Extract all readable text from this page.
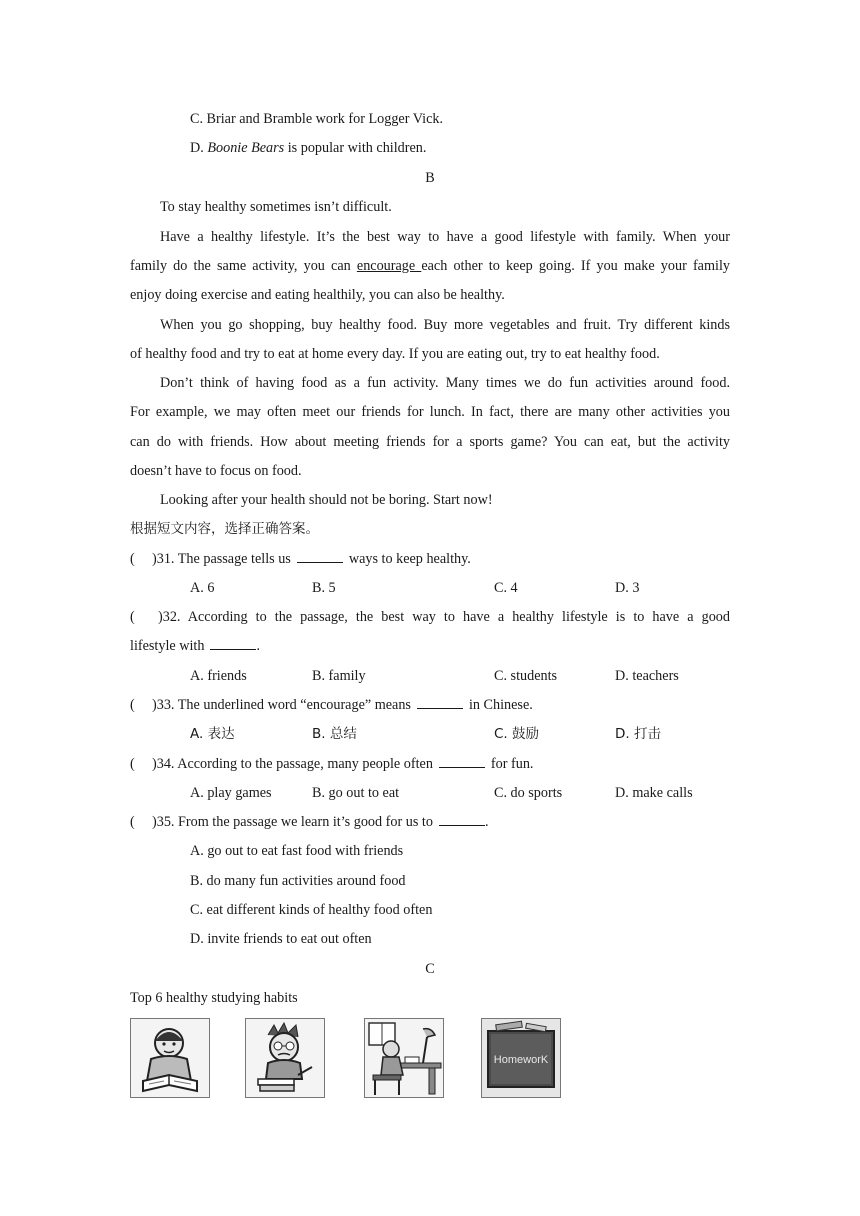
C. Briar and Bramble work for Logger Vick.
D. Boonie Bears is popular with children.
B
To stay healthy sometimes isn’t difficult.
Have a healthy lifestyle. It’s the best way to have a good lifestyle with family. When your
family do the same activity, you can encourage each other to keep going. If you make your family
enjoy doing exercise and eating healthily, you can also be healthy.
When you go shopping, buy healthy food. Buy more vegetables and fruit. Try different kinds
of healthy food and try to eat at home every day. If you are eating out, try to eat healthy food.
Don’t think of having food as a fun activity. Many times we do fun activities around food.
For example, we may often meet our friends for lunch. In fact, there are many other activities you
can do with friends. How about meeting friends for a sports game? You can eat, but the activity
doesn’t have to focus on food.
Looking after your health should not be boring. Start now!
根据短文内容，选择正确答案。
( )31. The passage tells us	ways to keep healthy.
A. 6	B. 5	C. 4	D. 3
( )32. According to the passage, the best way to have a healthy lifestyle is to have a good
lifestyle with	.
A. friends	B. family	C. students	D. teachers
( )33. The underlined word “encourage” means	in Chinese.
A. 表达	B. 总结	C. 鼓励	D. 打击
( )34. According to the passage, many people often	for fun.
A. play games	B. go out to eat	C. do sports	D. make calls
( )35. From the passage we learn it’s good for us to	.
A. go out to eat fast food with friends
B. do many fun activities around food
C. eat different kinds of healthy food often
D. invite friends to eat out often
C
Top 6 healthy studying habits
HomeworK
